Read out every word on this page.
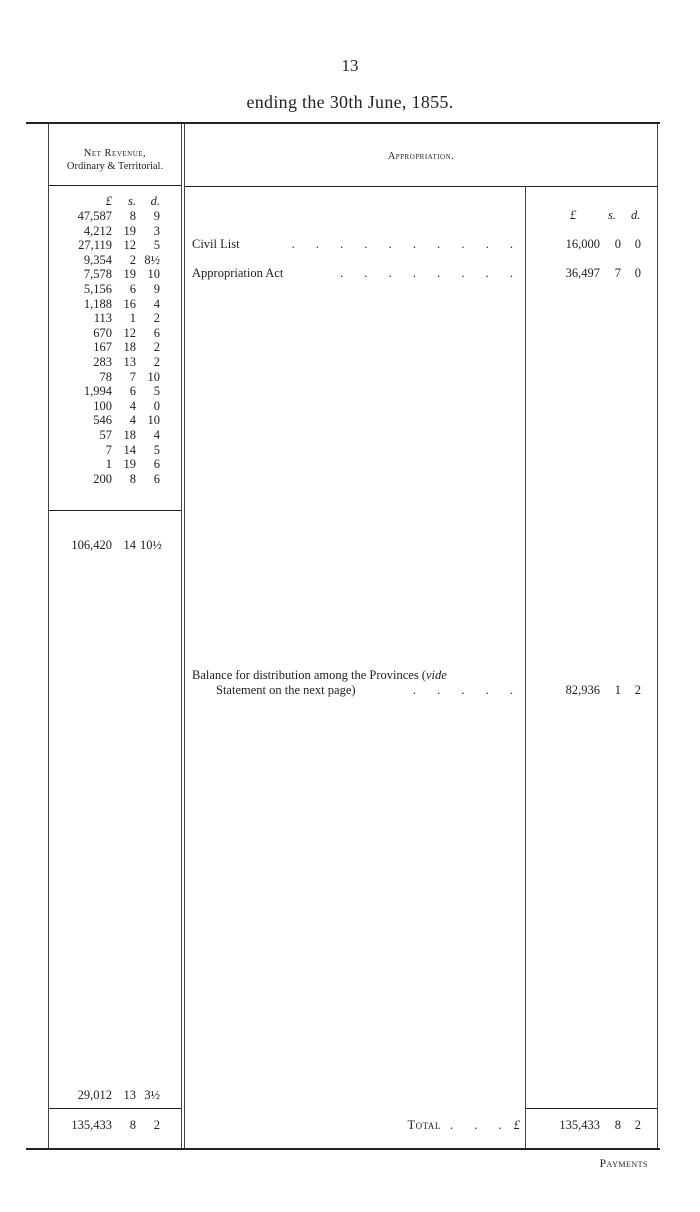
13
ending the 30th June, 1855.
Net Revenue,
Ordinary & Territorial.
Appropriation.
£	s.	d.
47,587	8	9
4,212 19	3
27,119 12	5
9,354	2 8½
7,578 19 10
5,156	6	9
1,188 16	4
113	1	2
670 12	6
167 18	2
283 13	2
78	7 10
1,994	6	5
100	4	0
546	4 10
57 18	4
7 14	5
1 19	6
200	8	6
106,420 14 10½
29,012 13 3½
135,433	8	2
£	s. d.
Civil List	. . . . . . . . . .	16,000 0 0
Appropriation Act	. . . . . . . .	36,497 7 0
Balance for distribution among the Provinces (vide
Statement on the next page)	. . . . .	82,936 1 2
Total . . . £	135,433 8 2
Payments
